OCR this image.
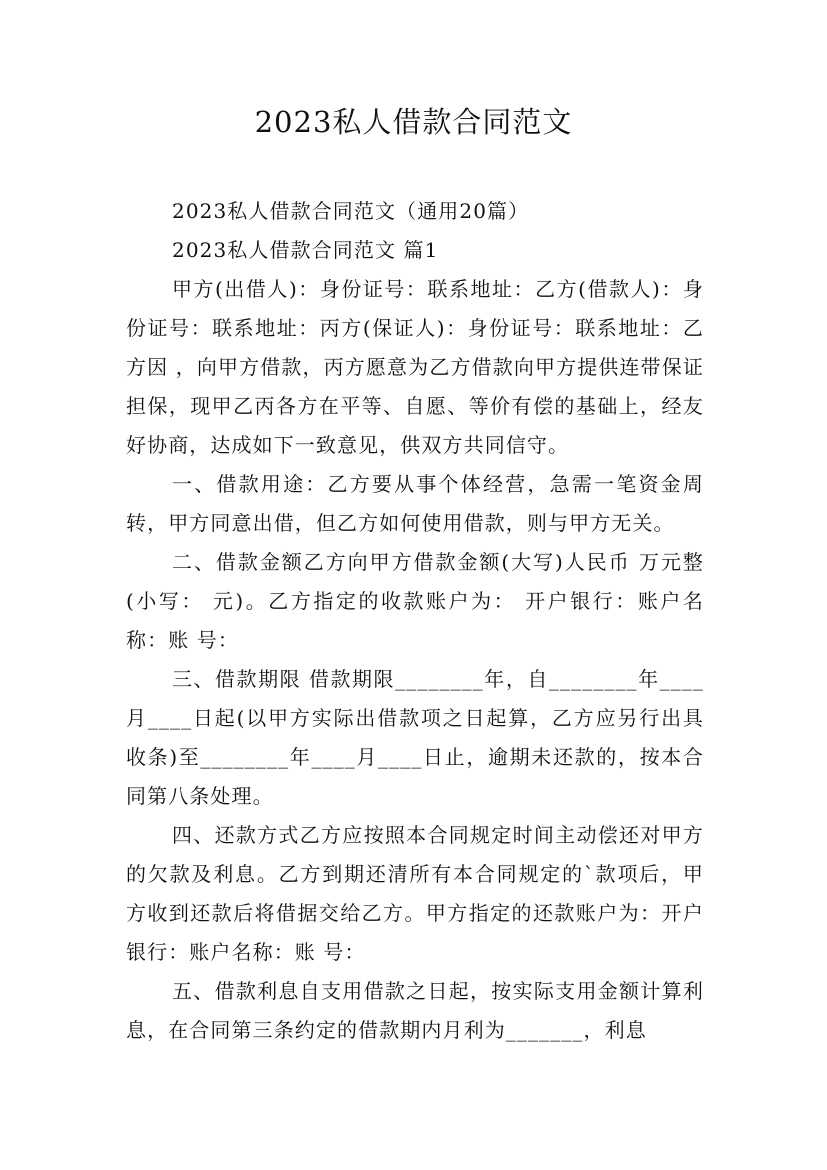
2023私人借款合同范文

2023私人借款合同范文（通用20篇）

2023私人借款合同范文 篇1

甲方(出借人)：身份证号：联系地址：乙方(借款人)：身份证号：联系地址：丙方(保证人)：身份证号：联系地址：乙方因 ，向甲方借款，丙方愿意为乙方借款向甲方提供连带保证担保，现甲乙丙各方在平等、自愿、等价有偿的基础上，经友好协商，达成如下一致意见，供双方共同信守。

一、借款用途：乙方要从事个体经营，急需一笔资金周转，甲方同意出借，但乙方如何使用借款，则与甲方无关。

二、借款金额乙方向甲方借款金额(大写)人民币 万元整(小写： 元)。乙方指定的收款账户为： 开户银行：账户名称：账 号：

三、借款期限 借款期限________年，自________年____月____日起(以甲方实际出借款项之日起算，乙方应另行出具收条)至________年____月____日止，逾期未还款的，按本合同第八条处理。

四、还款方式乙方应按照本合同规定时间主动偿还对甲方的欠款及利息。乙方到期还清所有本合同规定的`款项后，甲方收到还款后将借据交给乙方。甲方指定的还款账户为：开户银行：账户名称：账 号：

五、借款利息自支用借款之日起，按实际支用金额计算利息，在合同第三条约定的借款期内月利为_______，利息
